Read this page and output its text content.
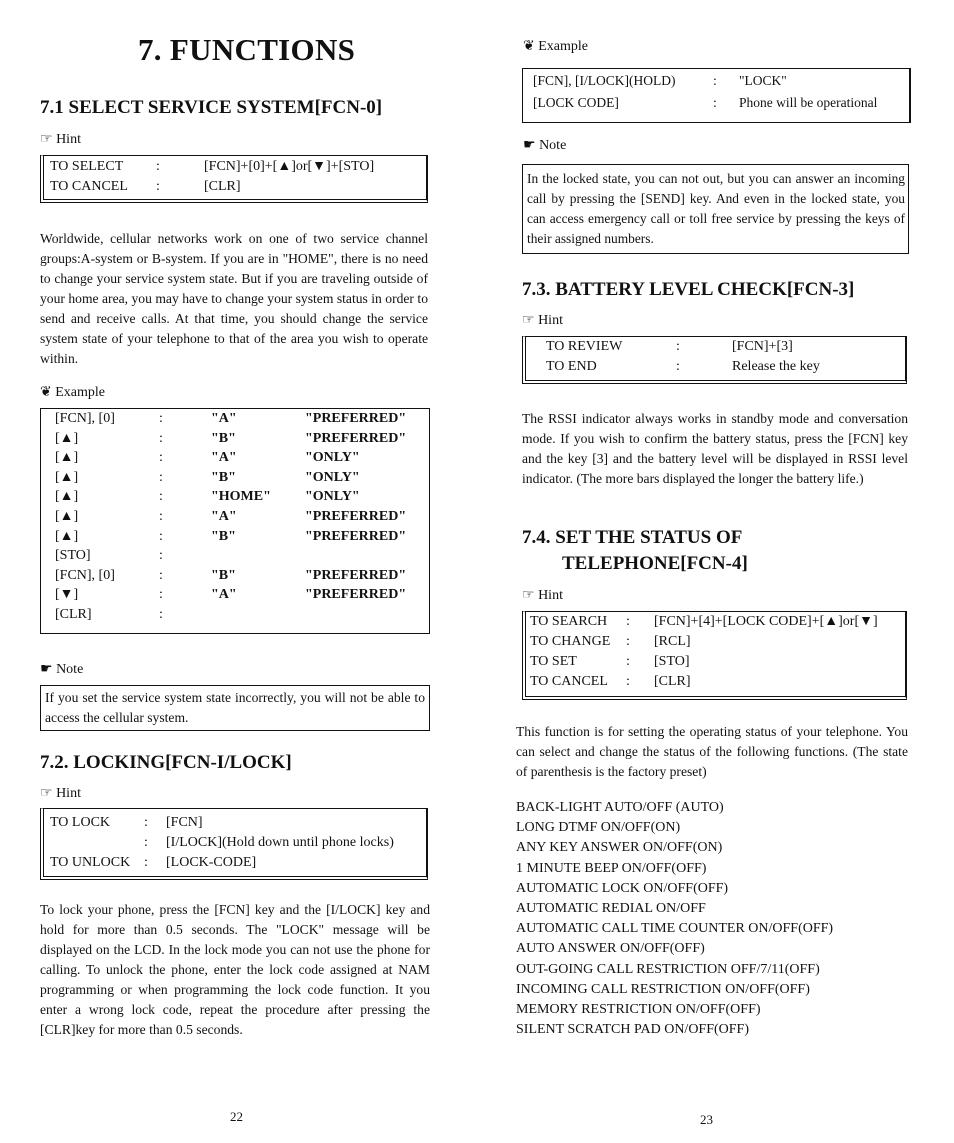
7. FUNCTIONS
7.1 SELECT SERVICE SYSTEM[FCN-0]
☞ Hint
TO SELECT :	[FCN]+[0]+[▲]or[▼]+[STO]
TO CANCEL :	[CLR]

Worldwide, cellular networks work on one of two service channel groups:A-system or B-system. If you are in "HOME", there is no need to change your service system state. But if you are traveling outside of your home area, you may have to change your system status in order to send and receive calls. At that time, you should change the service system state of your telephone to that of the area you wish to operate within.

❦ Example
[FCN], [0]	:	"A"	"PREFERRED"
[▲]	:	"B"	"PREFERRED"
[▲]	:	"A"	"ONLY"
[▲]	:	"B"	"ONLY"
[▲]	:	"HOME" "ONLY"
[▲]	:	"A"	"PREFERRED"
[▲]	:	"B"	"PREFERRED"
[STO]	:
[FCN], [0]	:	"B"	"PREFERRED"
[▼]	:	"A"	"PREFERRED"
[CLR]	:
☛ Note

If you set the service system state incorrectly, you will not be able to access the cellular system.

7.2. LOCKING[FCN-I/LOCK]
☞ Hint
TO LOCK : [FCN]
: [I/LOCK](Hold down until phone locks)
TO UNLOCK : [LOCK-CODE]

To lock your phone, press the [FCN] key and the [I/LOCK] key and hold for more than 0.5 seconds. The "LOCK" message will be displayed on the LCD. In the lock mode you can not use the phone for calling. To unlock the phone, enter the lock code assigned at NAM programming or when programming the lock code function. It you enter a wrong lock code, repeat the procedure after pressing the [CLR]key for more than 0.5 seconds.

22
❦ Example
[FCN], [I/LOCK](HOLD)	: "LOCK"
[LOCK CODE]	: Phone will be operational
☛ Note

In the locked state, you can not out, but you can answer an incoming call by pressing the [SEND] key. And even in the locked state, you can access emergency call or toll free service by pressing the keys of their assigned numbers.

7.3. BATTERY LEVEL CHECK[FCN-3]
☞ Hint
TO REVIEW	:	[FCN]+[3]
TO END	:	Release the key

The RSSI indicator always works in standby mode and conversation mode. If you wish to confirm the battery status, press the [FCN] key and the key [3] and the battery level will be displayed in RSSI level indicator. (The more bars displayed the longer the battery life.)

7.4. SET THE STATUS OF
TELEPHONE[FCN-4]
☞ Hint
TO SEARCH : [FCN]+[4]+[LOCK CODE]+[▲]or[▼]
TO CHANGE : [RCL]
TO SET	: [STO]
TO CANCEL : [CLR]

This function is for setting the operating status of your telephone. You can select and change the status of the following functions. (The state of parenthesis is the factory preset)

BACK-LIGHT AUTO/OFF (AUTO)
LONG DTMF ON/OFF(ON)
ANY KEY ANSWER ON/OFF(ON)
1 MINUTE BEEP ON/OFF(OFF)
AUTOMATIC LOCK ON/OFF(OFF)
AUTOMATIC REDIAL ON/OFF
AUTOMATIC CALL TIME COUNTER ON/OFF(OFF)
AUTO ANSWER ON/OFF(OFF)
OUT-GOING CALL RESTRICTION OFF/7/11(OFF)
INCOMING CALL RESTRICTION ON/OFF(OFF)
MEMORY RESTRICTION ON/OFF(OFF)
SILENT SCRATCH PAD ON/OFF(OFF)
23
